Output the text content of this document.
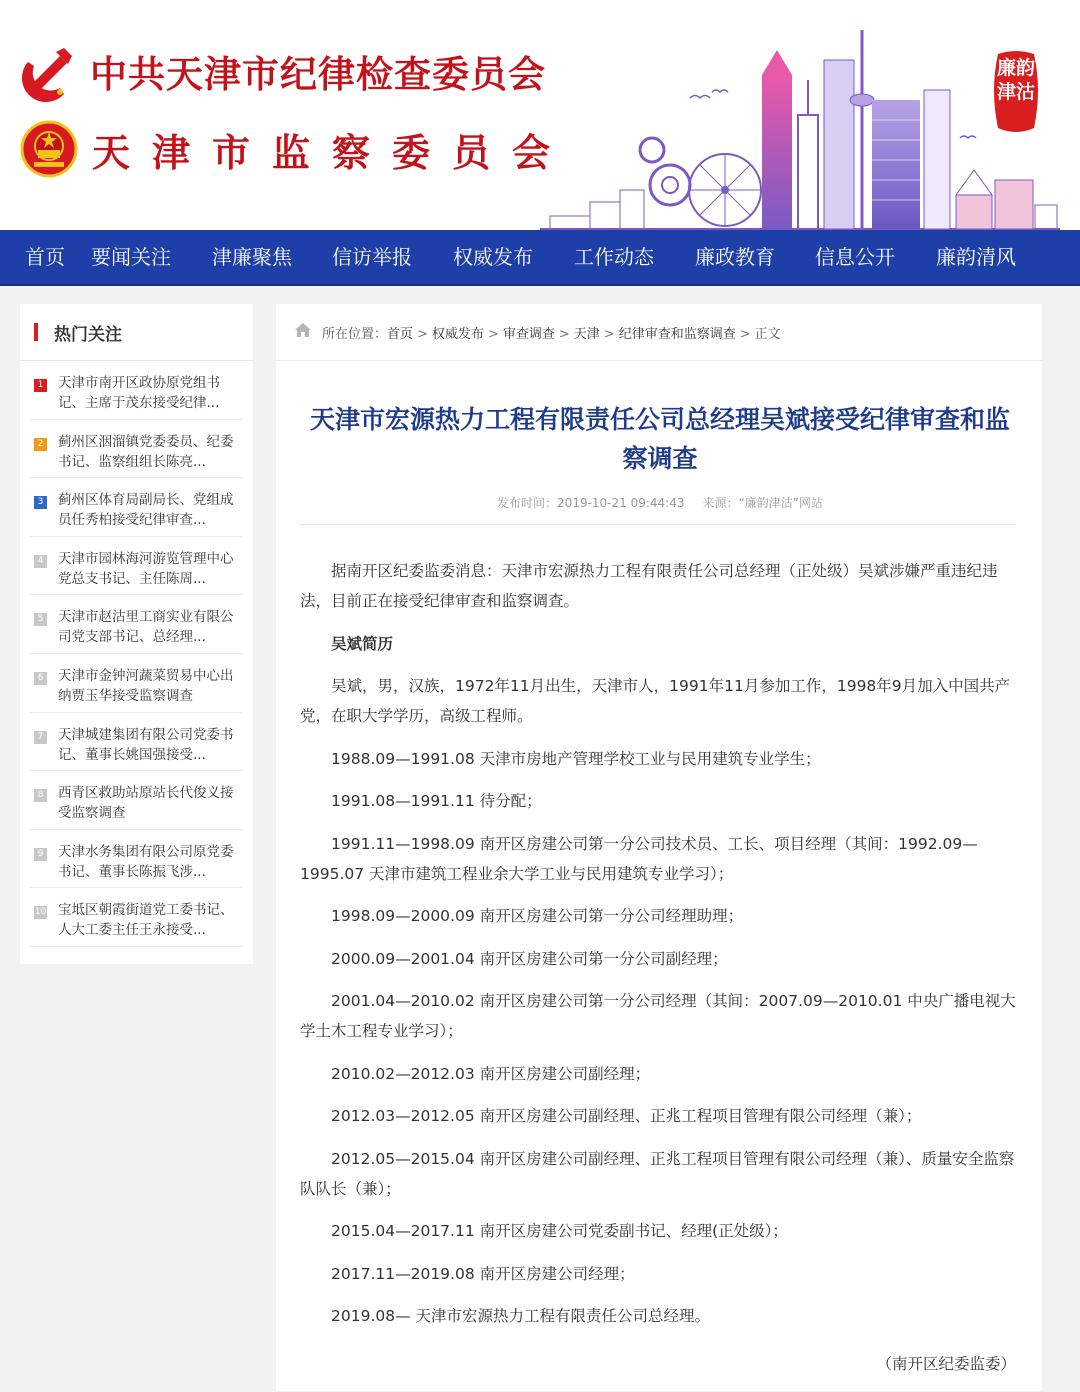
中共天津市纪律检查委员会
天津市监察委员会
廉韵津沽
首页 要闻关注 津廉聚焦 信访举报 权威发布 工作动态 廉政教育 信息公开 廉韵清风
热门关注
1 天津市南开区政协原党组书记、主席于茂东接受纪律...
2 蓟州区洇溜镇党委委员、纪委书记、监察组组长陈亮...
3 蓟州区体育局副局长、党组成员任秀柏接受纪律审查...
4 天津市园林海河游览管理中心党总支书记、主任陈周...
5 天津市赵沽里工商实业有限公司党支部书记、总经理...
6 天津市金钟河蔬菜贸易中心出纳贾玉华接受监察调查
7 天津城建集团有限公司党委书记、董事长姚国强接受...
8 西青区救助站原站长代俊义接受监察调查
9 天津水务集团有限公司原党委书记、董事长陈振飞涉...
10 宝坻区朝霞街道党工委书记、人大工委主任王永接受...
所在位置：首页 > 权威发布 > 审查调查 > 天津 > 纪律审查和监察调查 > 正文
天津市宏源热力工程有限责任公司总经理吴斌接受纪律审查和监察调查
发布时间：2019-10-21 09:44:43 来源：“廉韵津沽”网站

据南开区纪委监委消息：天津市宏源热力工程有限责任公司总经理（正处级）吴斌涉嫌严重违纪违法，目前正在接受纪律审查和监察调查。

吴斌简历

吴斌，男，汉族，1972年11月出生，天津市人，1991年11月参加工作，1998年9月加入中国共产党，在职大学学历，高级工程师。

1988.09—1991.08 天津市房地产管理学校工业与民用建筑专业学生；

1991.08—1991.11 待分配；

1991.11—1998.09 南开区房建公司第一分公司技术员、工长、项目经理（其间：1992.09—1995.07 天津市建筑工程业余大学工业与民用建筑专业学习）；

1998.09—2000.09 南开区房建公司第一分公司经理助理；

2000.09—2001.04 南开区房建公司第一分公司副经理；

2001.04—2010.02 南开区房建公司第一分公司经理（其间：2007.09—2010.01 中央广播电视大学土木工程专业学习）；

2010.02—2012.03 南开区房建公司副经理；

2012.03—2012.05 南开区房建公司副经理、正兆工程项目管理有限公司经理（兼）；

2012.05—2015.04 南开区房建公司副经理、正兆工程项目管理有限公司经理（兼）、质量安全监察队队长（兼）；

2015.04—2017.11 南开区房建公司党委副书记、经理(正处级）；

2017.11—2019.08 南开区房建公司经理；

2019.08— 天津市宏源热力工程有限责任公司总经理。

（南开区纪委监委）
